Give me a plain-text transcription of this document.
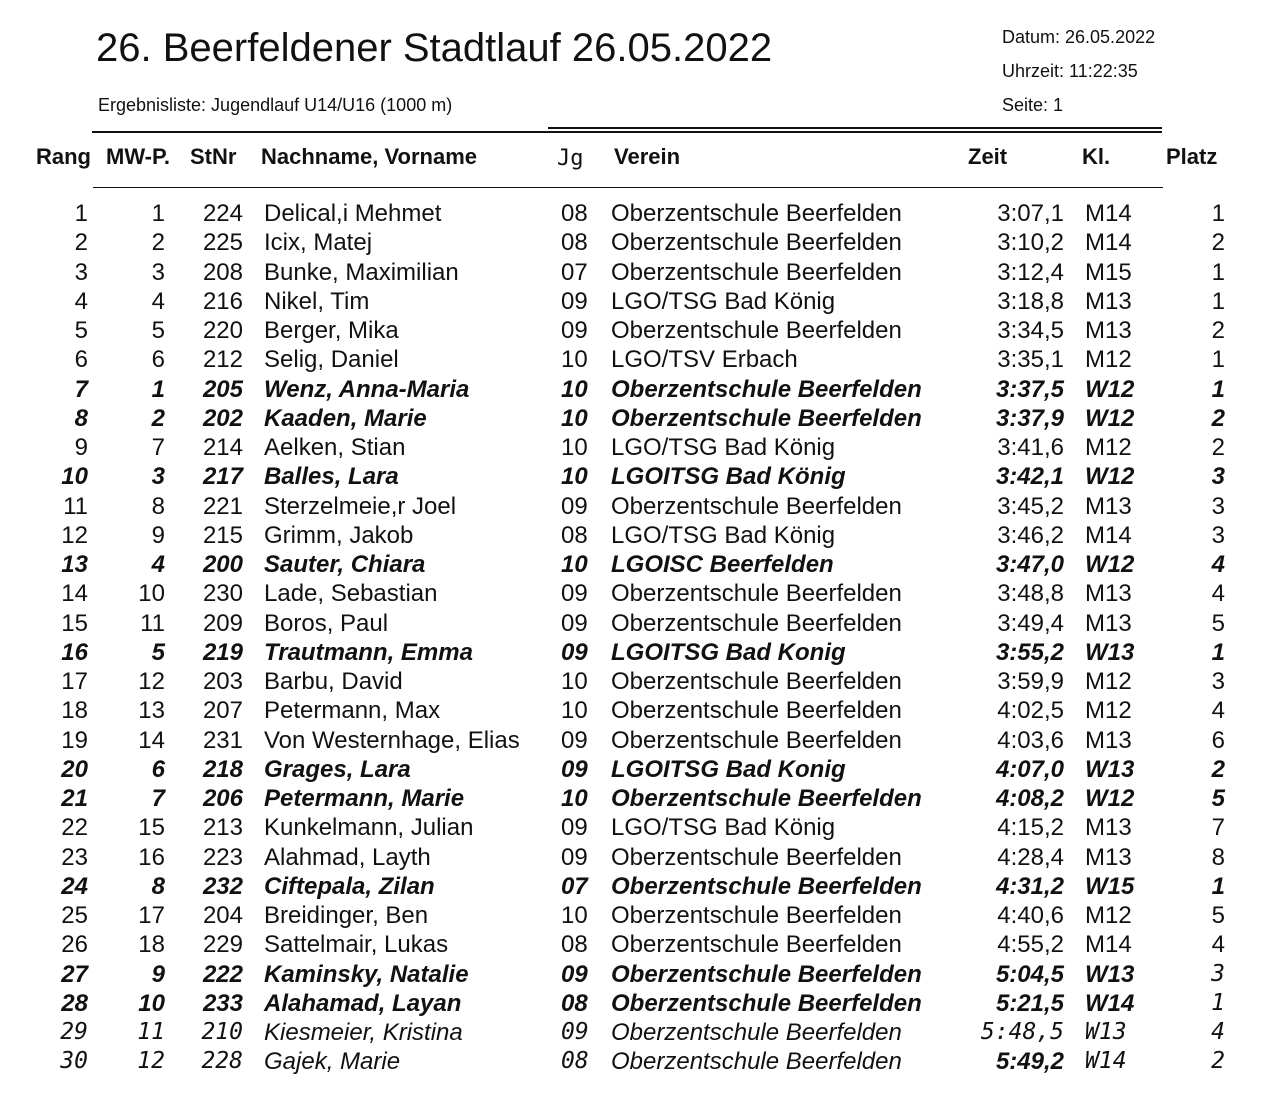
26. Beerfeldener Stadtlauf 26.05.2022
Ergebnisliste: Jugendlauf U14/U16 (1000 m)
Datum: 26.05.2022
Uhrzeit: 11:22:35
Seite: 1
Rang MW-P. StNr Nachname, Vorname	Jg Verein	Zeit	Kl.	Platz
1	1	224 Delical,i Mehmet	08 Oberzentschule Beerfelden	3:07,1 M14	1
2	2	225 Icix, Matej	08 Oberzentschule Beerfelden	3:10,2 M14	2
3	3	208 Bunke, Maximilian	07 Oberzentschule Beerfelden	3:12,4 M15	1
4	4	216 Nikel, Tim	09 LGO/TSG Bad König	3:18,8 M13	1
5	5	220 Berger, Mika	09 Oberzentschule Beerfelden	3:34,5 M13	2
6	6	212 Selig, Daniel	10 LGO/TSV Erbach	3:35,1 M12	1
7	1	205 Wenz, Anna-Maria	10 Oberzentschule Beerfelden	3:37,5 W12	1
8	2	202 Kaaden, Marie	10 Oberzentschule Beerfelden	3:37,9 W12	2
9	7	214 Aelken, Stian	10 LGO/TSG Bad König	3:41,6 M12	2
10	3	217 Balles, Lara	10 LGOITSG Bad König	3:42,1 W12	3
11	8	221 Sterzelmeie,r Joel	09 Oberzentschule Beerfelden	3:45,2 M13	3
12	9	215 Grimm, Jakob	08 LGO/TSG Bad König	3:46,2 M14	3
13	4	200 Sauter, Chiara	10 LGOISC Beerfelden	3:47,0 W12	4
14	10	230 Lade, Sebastian	09 Oberzentschule Beerfelden	3:48,8 M13	4
15	11	209 Boros, Paul	09 Oberzentschule Beerfelden	3:49,4 M13	5
16	5	219 Trautmann, Emma	09 LGOITSG Bad Konig	3:55,2 W13	1
17	12	203 Barbu, David	10 Oberzentschule Beerfelden	3:59,9 M12	3
18	13	207 Petermann, Max	10 Oberzentschule Beerfelden	4:02,5 M12	4
19	14	231 Von Westernhage, Elias 09 Oberzentschule Beerfelden	4:03,6 M13	6
20	6	218 Grages, Lara	09 LGOITSG Bad Konig	4:07,0 W13	2
21	7	206 Petermann, Marie	10 Oberzentschule Beerfelden	4:08,2 W12	5
22	15	213 Kunkelmann, Julian	09 LGO/TSG Bad König	4:15,2 M13	7
23	16	223 Alahmad, Layth	09 Oberzentschule Beerfelden	4:28,4 M13	8
24	8	232 Ciftepala, Zilan	07 Oberzentschule Beerfelden	4:31,2 W15	1
25	17	204 Breidinger, Ben	10 Oberzentschule Beerfelden	4:40,6 M12	5
26	18	229 Sattelmair, Lukas	08 Oberzentschule Beerfelden	4:55,2 M14	4
27	9	222 Kaminsky, Natalie	09 Oberzentschule Beerfelden	5:04,5 W13	3
28	10	233 Alahamad, Layan	08 Oberzentschule Beerfelden	5:21,5 W14	1
29	11	210 Kiesmeier, Kristina	09 Oberzentschule Beerfelden	5:48,5 W13	4
30	12	228 Gajek, Marie	08 Oberzentschule Beerfelden	5:49,2 W14	2
